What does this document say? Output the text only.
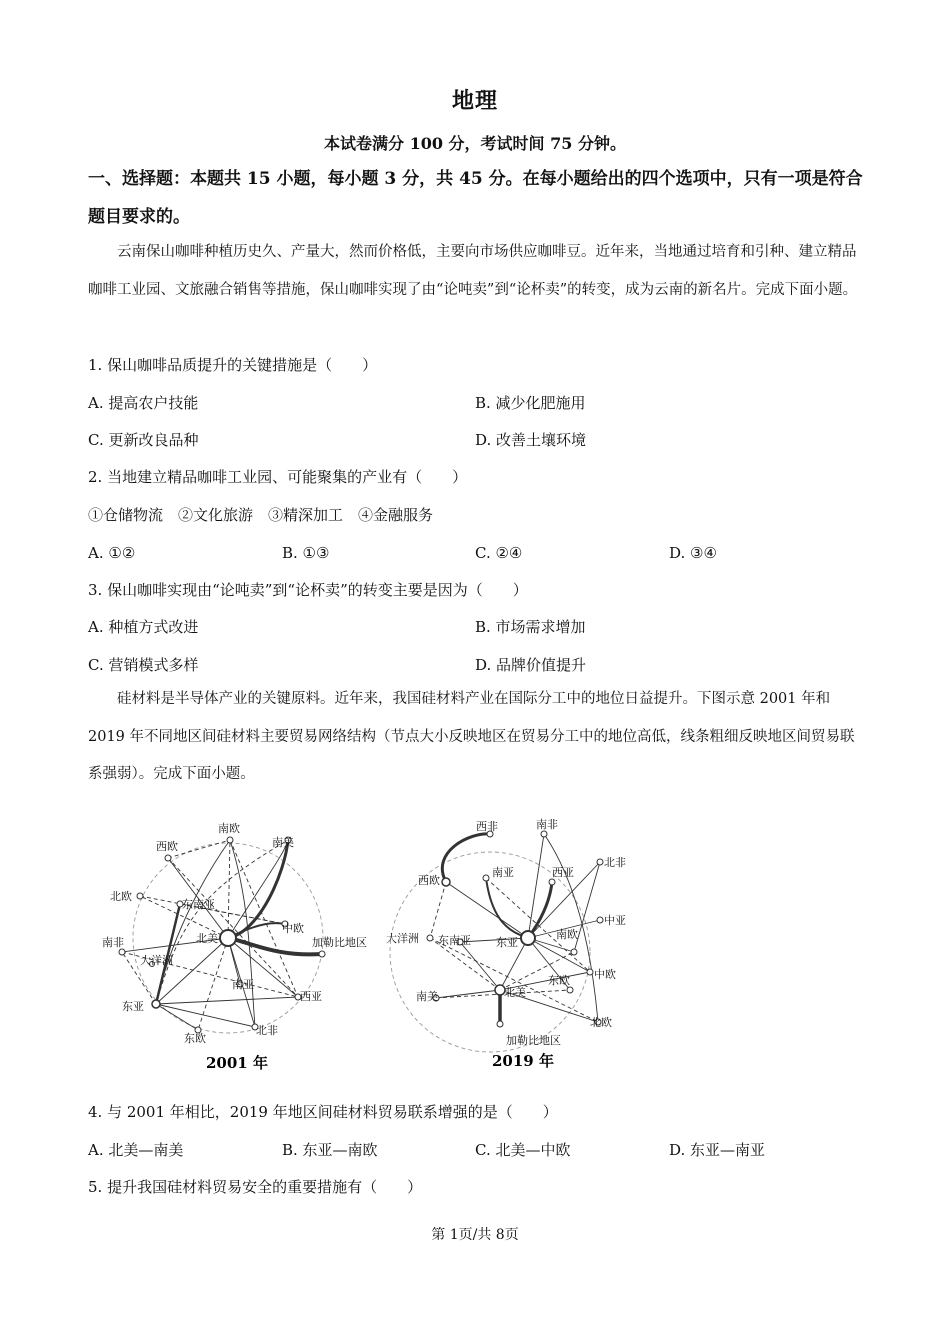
地理
本试卷满分 100 分，考试时间 75 分钟。
一、选择题：本题共 15 小题，每小题 3 分，共 45 分。在每小题给出的四个选项中，只有一项是符合题目要求的。
云南保山咖啡种植历史久、产量大，然而价格低，主要向市场供应咖啡豆。近年来，当地通过培育和引种、建立精品咖啡工业园、文旅融合销售等措施，保山咖啡实现了由“论吨卖”到“论杯卖”的转变，成为云南的新名片。完成下面小题。
1. 保山咖啡品质提升的关键措施是（　　）
A. 提高农户技能	B. 减少化肥施用
C. 更新改良品种	D. 改善土壤环境
2. 当地建立精品咖啡工业园、可能聚集的产业有（　　）
①仓储物流　②文化旅游　③精深加工　④金融服务
A. ①②	B. ①③	C. ②④	D. ③④
3. 保山咖啡实现由“论吨卖”到“论杯卖”的转变主要是因为（　　）
A. 种植方式改进	B. 市场需求增加
C. 营销模式多样	D. 品牌价值提升
硅材料是半导体产业的关键原料。近年来，我国硅材料产业在国际分工中的地位日益提升。下图示意 2001 年和 2019 年不同地区间硅材料主要贸易网络结构（节点大小反映地区在贸易分工中的地位高低，线条粗细反映地区间贸易联系强弱）。完成下面小题。
南欧
南美
西欧
北欧
东南亚
中欧
南非	北美	加勒比地区
大洋洲
南亚
西亚
东亚
北非
东欧
2001 年
西非	南非
北非
南亚	西亚
西欧
中亚
大洋洲 东南亚 东亚
南欧
中欧
东欧
南美	北美
北欧
加勒比地区
2019 年
4. 与 2001 年相比，2019 年地区间硅材料贸易联系增强的是（　　）
A. 北美—南美	B. 东亚—南欧	C. 北美—中欧	D. 东亚—南亚
5. 提升我国硅材料贸易安全的重要措施有（　　）
第 1页/共 8页
